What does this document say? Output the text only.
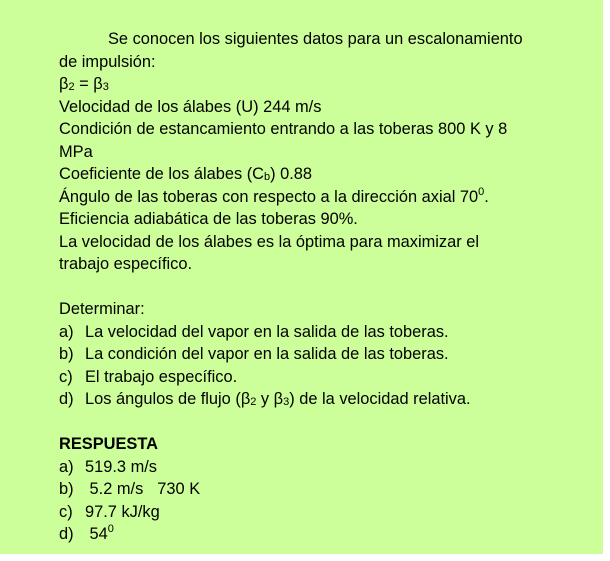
Se conocen los siguientes datos para un escalonamiento
de impulsión:
$\beta_2 = \beta_3$
Velocidad de los álabes (U) 244 m/s
Condición de estancamiento entrando a las toberas 800 K y 8
MPa
Coeficiente de los álabes $(C_b)$ 0.88
Ángulo de las toberas con respecto a la dirección axial $70^0$.
Eficiencia adiabática de las toberas 90%.
La velocidad de los álabes es la óptima para maximizar el
trabajo específico.
Determinar:
a) La velocidad del vapor en la salida de las toberas.
b) La condición del vapor en la salida de las toberas.
c) El trabajo específico.
d) Los ángulos de flujo ($\beta_2$ y $\beta_3$) de la velocidad relativa.
RESPUESTA
a) 519.3 m/s
b) 5.2 m/s 730 K
c) 97.7 kJ/kg
d) $54^0$
